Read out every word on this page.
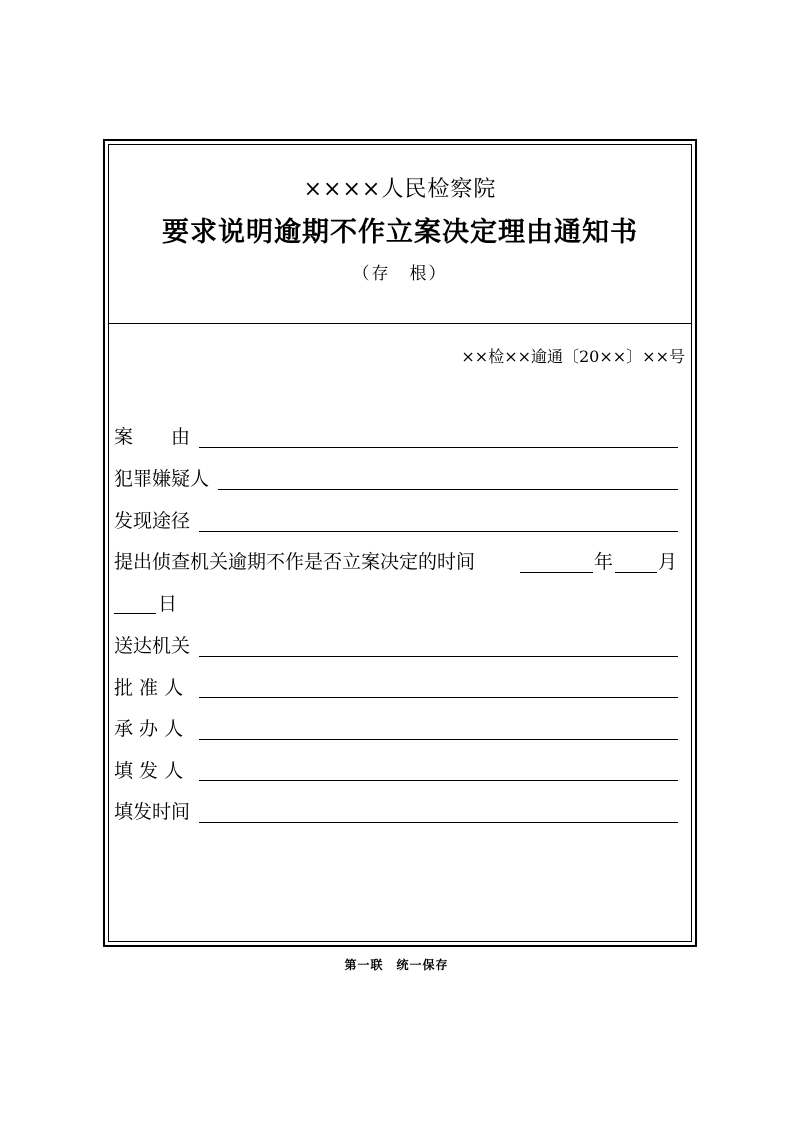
××××人民检察院
要求说明逾期不作立案决定理由通知书
（存　根）
××检××逾通〔20××〕××号
案　　由
犯罪嫌疑人
发现途径
提出侦查机关逾期不作是否立案决定的时间	年 月
日
送达机关
批 准 人
承 办 人
填 发 人
填发时间
第一联　统一保存
